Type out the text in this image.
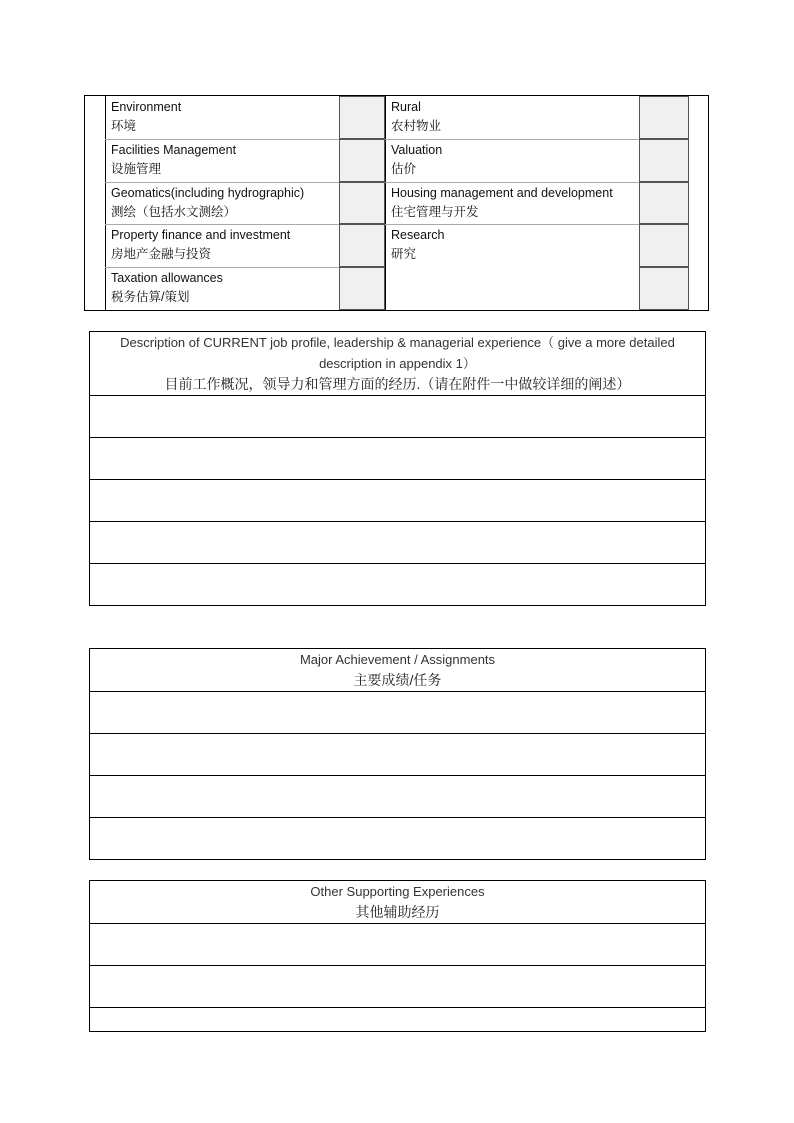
Environment
环境
Facilities Management
设施管理
Geomatics(including hydrographic)
测绘（包括水文测绘）
Property finance and investment
房地产金融与投资
Taxation allowances
税务估算/策划
Rural
农村物业
Valuation
估价
Housing management and development
住宅管理与开发
Research
研究
Description of CURRENT job profile, leadership & managerial experience（ give a more detailed description in appendix 1）
目前工作概况，领导力和管理方面的经历.（请在附件一中做较详细的阐述）
Major Achievement / Assignments
主要成绩/任务
Other Supporting Experiences
其他辅助经历
